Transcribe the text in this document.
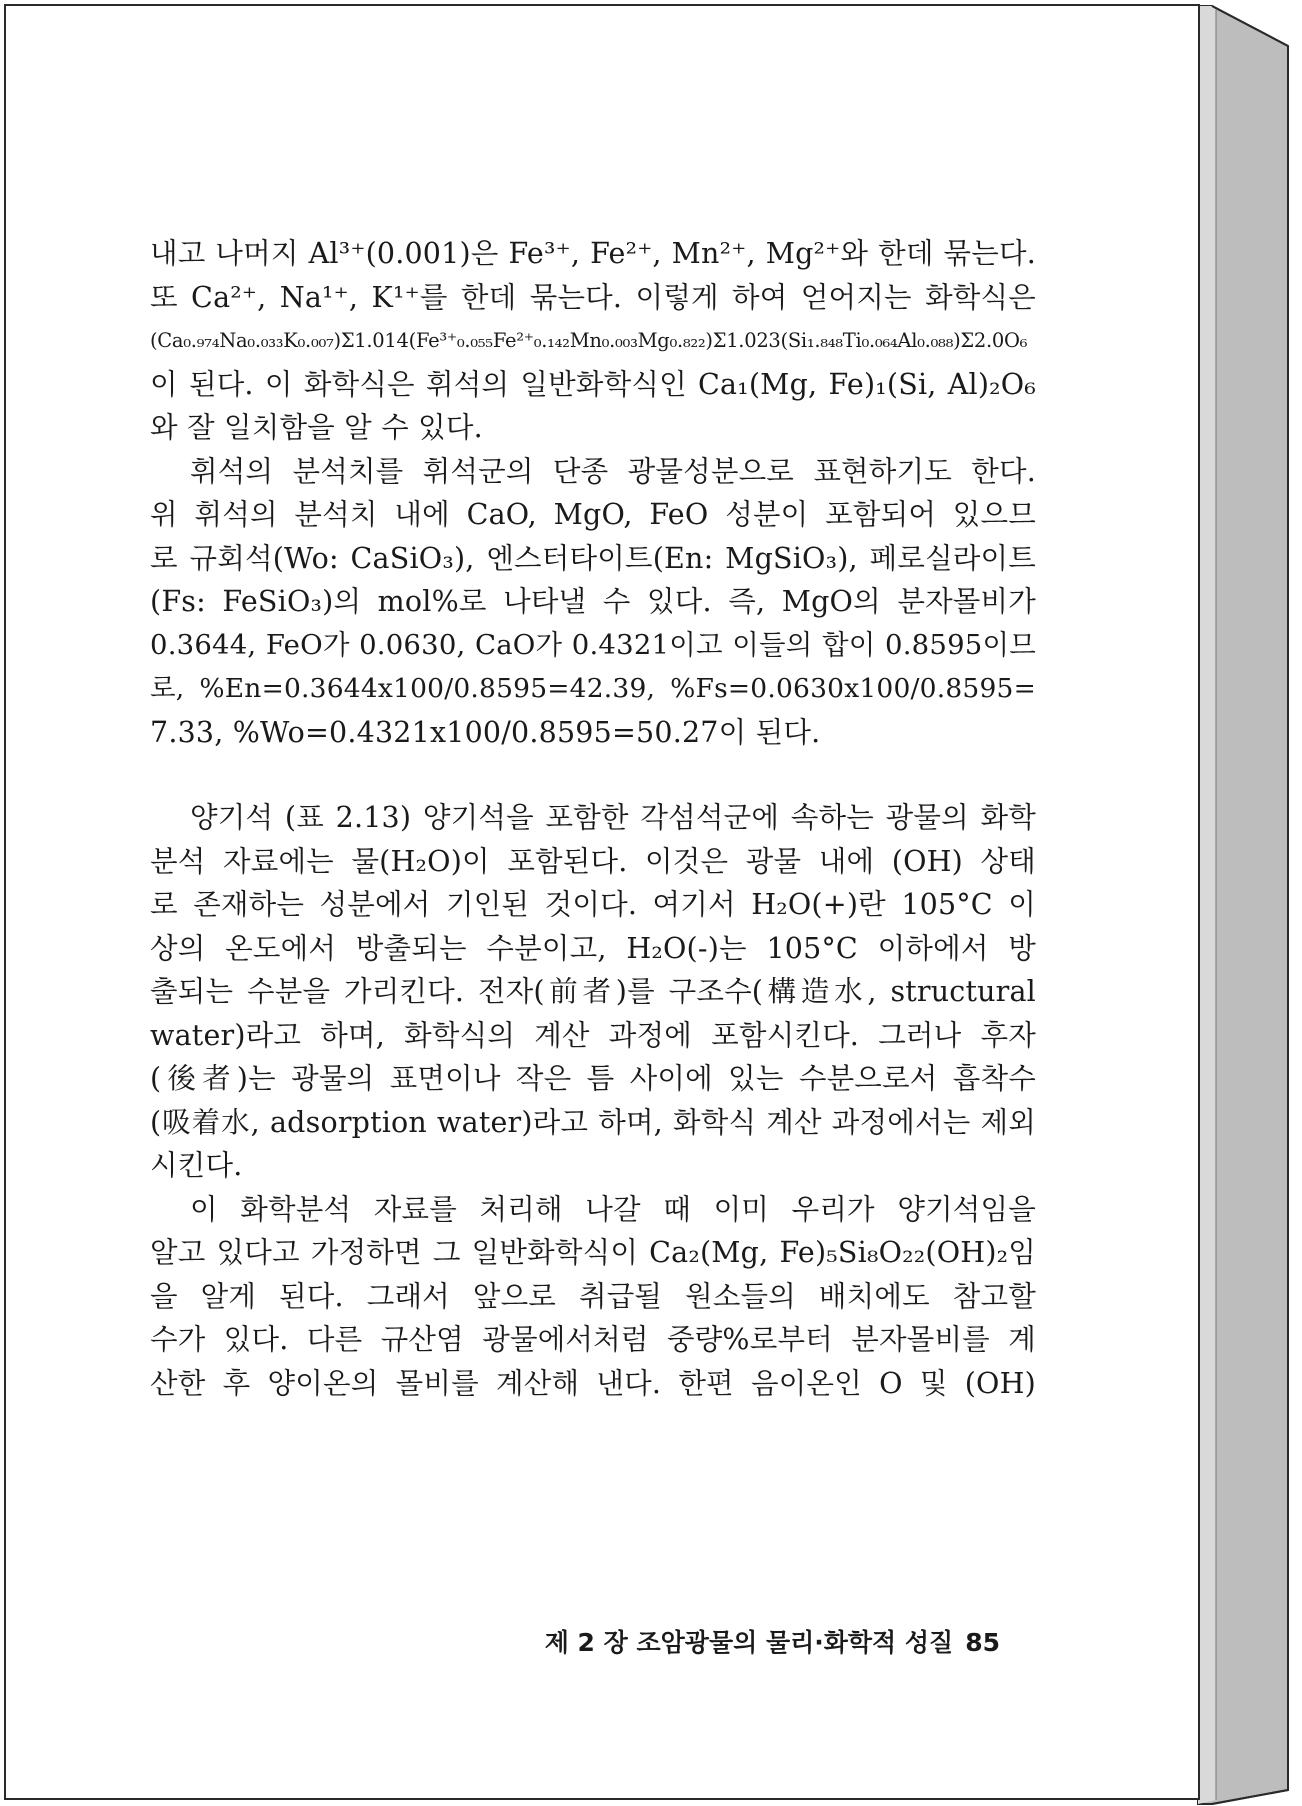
내고 나머지 Al³⁺(0.001)은 Fe³⁺, Fe²⁺, Mn²⁺, Mg²⁺와 한데 묶는다.
또 Ca²⁺, Na¹⁺, K¹⁺를 한데 묶는다. 이렇게 하여 얻어지는 화학식은
(Ca₀.₉₇₄Na₀.₀₃₃K₀.₀₀₇)Σ1.014(Fe³⁺₀.₀₅₅Fe²⁺₀.₁₄₂Mn₀.₀₀₃Mg₀.₈₂₂)Σ1.023(Si₁.₈₄₈Ti₀.₀₆₄Al₀.₀₈₈)Σ2.0O₆
이 된다. 이 화학식은 휘석의 일반화학식인 Ca₁(Mg, Fe)₁(Si, Al)₂O₆
와 잘 일치함을 알 수 있다.
휘석의 분석치를 휘석군의 단종 광물성분으로 표현하기도 한다.
위 휘석의 분석치 내에 CaO, MgO, FeO 성분이 포함되어 있으므
로 규회석(Wo: CaSiO₃), 엔스터타이트(En: MgSiO₃), 페로실라이트
(Fs: FeSiO₃)의 mol%로 나타낼 수 있다. 즉, MgO의 분자몰비가
0.3644, FeO가 0.0630, CaO가 0.4321이고 이들의 합이 0.8595이므
로, %En=0.3644x100/0.8595=42.39, %Fs=0.0630x100/0.8595=
7.33, %Wo=0.4321x100/0.8595=50.27이 된다.
양기석 (표 2.13) 양기석을 포함한 각섬석군에 속하는 광물의 화학
분석 자료에는 물(H₂O)이 포함된다. 이것은 광물 내에 (OH) 상태
로 존재하는 성분에서 기인된 것이다. 여기서 H₂O(+)란 105°C 이
상의 온도에서 방출되는 수분이고, H₂O(-)는 105°C 이하에서 방
출되는 수분을 가리킨다. 전자(前者)를 구조수(構造水, structural
water)라고 하며, 화학식의 계산 과정에 포함시킨다. 그러나 후자
(後者)는 광물의 표면이나 작은 틈 사이에 있는 수분으로서 흡착수
(吸着水, adsorption water)라고 하며, 화학식 계산 과정에서는 제외
시킨다.
이 화학분석 자료를 처리해 나갈 때 이미 우리가 양기석임을
알고 있다고 가정하면 그 일반화학식이 Ca₂(Mg, Fe)₅Si₈O₂₂(OH)₂임
을 알게 된다. 그래서 앞으로 취급될 원소들의 배치에도 참고할
수가 있다. 다른 규산염 광물에서처럼 중량%로부터 분자몰비를 계
산한 후 양이온의 몰비를 계산해 낸다. 한편 음이온인 O 및 (OH)
제 2 장 조암광물의 물리·화학적 성질 85
